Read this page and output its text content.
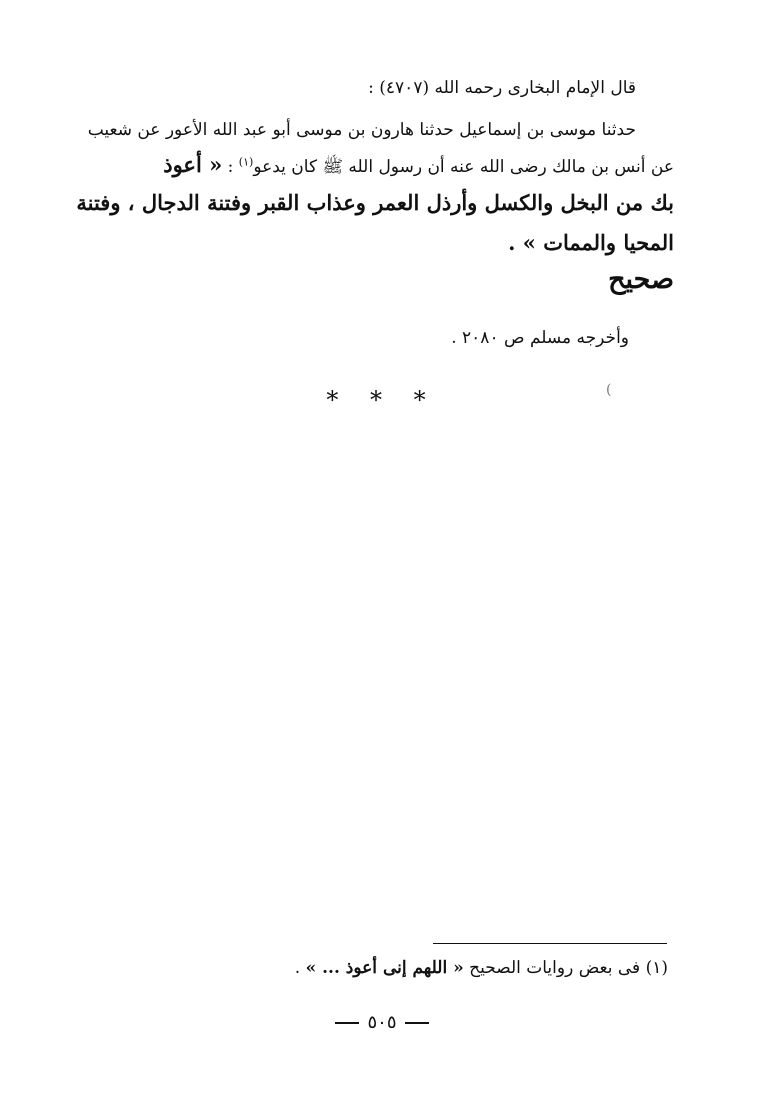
قال الإمام البخارى رحمه الله (٤٧٠٧) :
حدثنا موسى بن إسماعيل حدثنا هارون بن موسى أبو عبد الله الأعور عن شعيب
عن أنس بن مالك رضى الله عنه أن رسول الله ﷺ كان يدعو$^{(١)}$ : « أعوذ
بك من البخل والكسل وأرذل العمر وعذاب القبر وفتنة الدجال ، وفتنة
المحيا والممات » .
صحيح
وأخرجه مسلم ص ٢٠٨٠ .
* * *	)
(١) فى بعض روايات الصحيح « اللهم إنى أعوذ ... » .
٥٠٥
